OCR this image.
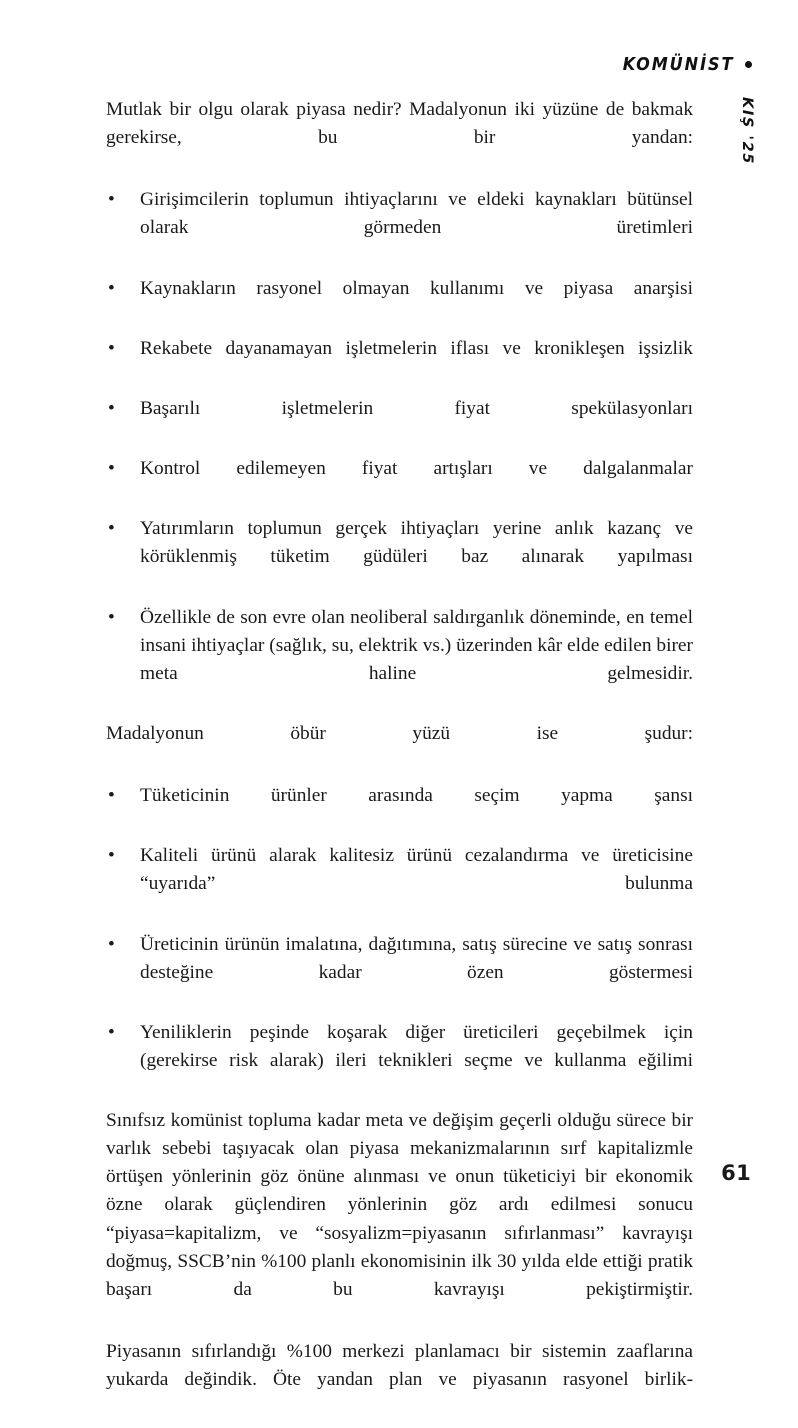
KOMÜNİST
KIŞ '25

Mutlak bir olgu olarak piyasa nedir? Madalyonun iki yüzüne de bakmak gerekirse, bu bir yandan:

•	Girişimcilerin toplumun ihtiyaçlarını ve eldeki kaynakları bütünsel olarak görmeden üretimleri
•	Kaynakların rasyonel olmayan kullanımı ve piyasa anarşisi
•	Rekabete dayanamayan işletmelerin iflası ve kronikleşen işsizlik
•	Başarılı işletmelerin fiyat spekülasyonları
•	Kontrol edilemeyen fiyat artışları ve dalgalanmalar
•	Yatırımların toplumun gerçek ihtiyaçları yerine anlık kazanç ve körüklenmiş tüketim güdüleri baz alınarak yapılması
•	Özellikle de son evre olan neoliberal saldırganlık döneminde, en temel insani ihtiyaçlar (sağlık, su, elektrik vs.) üzerinden kâr elde edilen birer meta haline gelmesidir.

Madalyonun öbür yüzü ise şudur:

•	Tüketicinin ürünler arasında seçim yapma şansı
•	Kaliteli ürünü alarak kalitesiz ürünü cezalandırma ve üreticisine “uyarıda” bulunma
•	Üreticinin ürünün imalatına, dağıtımına, satış sürecine ve satış sonrası desteğine kadar özen göstermesi
•	Yeniliklerin peşinde koşarak diğer üreticileri geçebilmek için (gerekirse risk alarak) ileri teknikleri seçme ve kullanma eğilimi

Sınıfsız komünist topluma kadar meta ve değişim geçerli olduğu sürece bir varlık sebebi taşıyacak olan piyasa mekanizmalarının sırf kapitalizmle örtüşen yönlerinin göz önüne alınması ve onun tüketiciyi bir ekonomik özne olarak güçlendiren yönlerinin göz ardı edilmesi sonucu “piyasa=kapitalizm, ve “sosyalizm=piyasanın sıfırlanması” kavrayışı doğmuş, SSCB’nin %100 planlı ekonomisinin ilk 30 yılda elde ettiği pratik başarı da bu kavrayışı pekiştirmiştir.

Piyasanın sıfırlandığı %100 merkezi planlamacı bir sistemin zaaflarına yukarda değindik. Öte yandan plan ve piyasanın rasyonel birlik-

61
